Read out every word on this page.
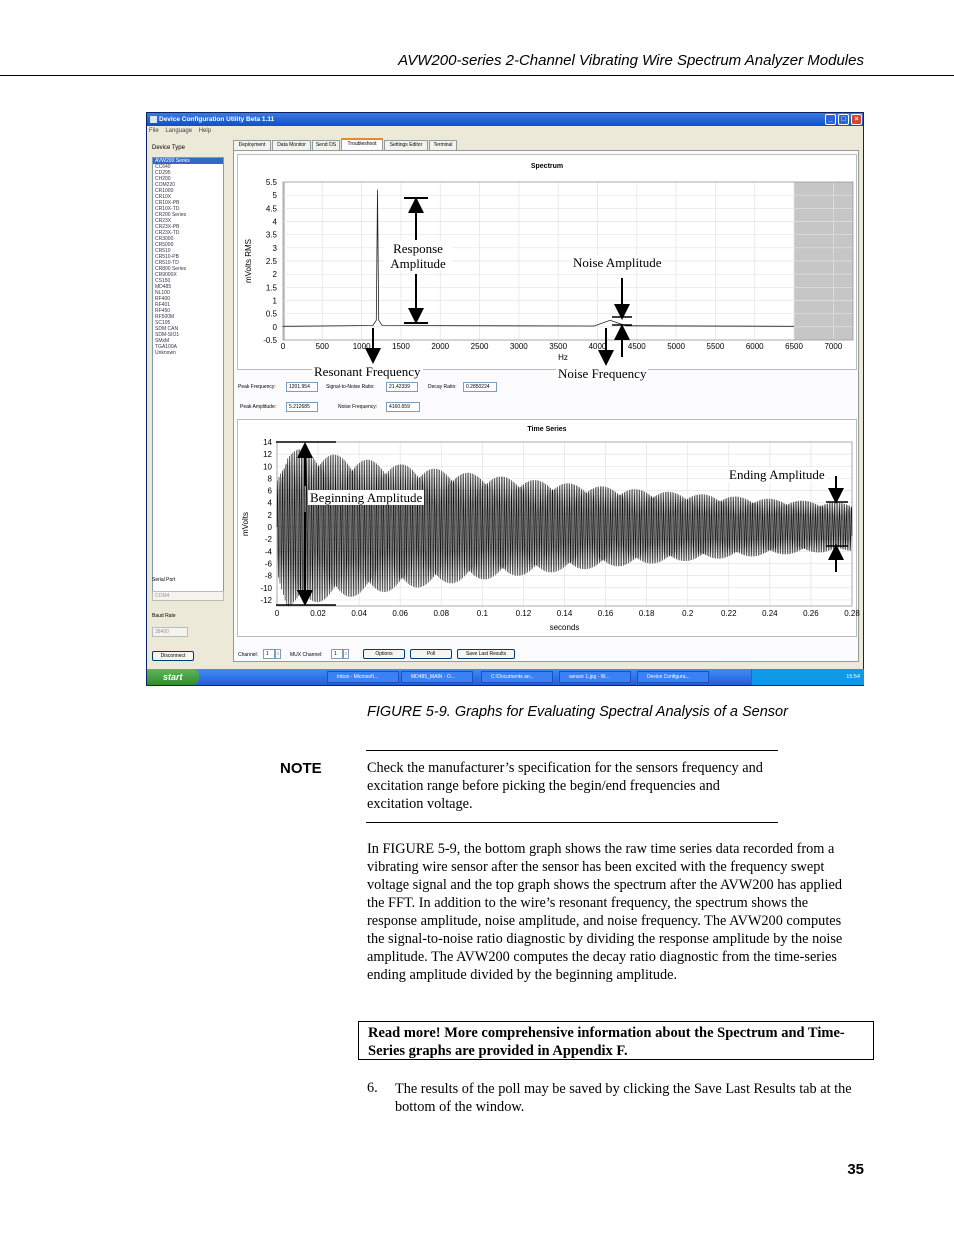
AVW200-series 2-Channel Vibrating Wire Spectrum Analyzer Modules
Device Configuration Utility Beta 1.11	_	□	×
File Language Help
Device Type
AVW200 Series
CC640
CD295
CH200
COM220
CR1000
CR10X
CR10X-PB
CR10X-TD
CR200 Series
CR23X
CR23X-PB
CR23X-TD
CR3000
CR5000
CR510
CR510-PB
CR510-TD
CR800 Series
CR9000X
CS150
MD485
NL100
RF400
RF401
RF450
RF500M
SC105
SDM CAN
SDM-SIO1
SMxM
TGA100A
Unknown
Serial Port
COM4
Baud Rate
38400
Disconnect
Deployment	Data Monitor	Send OS	Troubleshoot	Settings Editor	Terminal
Spectrum
0	500	1000	1500	2000	2500	3000	3500	4000	4500	5000	5500	6000	6500	7000
5.5
5
4.5
4
3.5
3
2.5
2
1.5
1
0.5
0
-0.5
Hz
mVolts RMS
Peak Frequency:	1201.954	Signal-to-Noise Ratio:	21.42339	Decay Ratio:	0.2850224
Peak Amplitude:	5.212685	Noise Frequency:	4160.659
Time Series
0	0.02	0.04	0.06	0.08	0.1	0.12	0.14	0.16	0.18	0.2	0.22	0.24	0.26	0.28
14
12
10
8
6
4
2
0
-2
-4
-6
-8
-10
-12
seconds
mVolts
Channel:	1	↕	MUX Channel:	1	↕	Options	Poll	Save Last Results
start	Inbox - Microsoft...	MD485_MAIN - O...	C:\Documents an...	sensor 1.jpg - W...	Device Configura...	15:54
Response Amplitude	Noise Amplitude
Resonant Frequency	Noise Frequency
Beginning Amplitude
Ending Amplitude
FIGURE 5-9. Graphs for Evaluating Spectral Analysis of a Sensor
NOTE	Check the manufacturer’s specification for the sensors frequency and excitation range before picking the begin/end frequencies and excitation voltage.
In FIGURE 5-9, the bottom graph shows the raw time series data recorded from a vibrating wire sensor after the sensor has been excited with the frequency swept voltage signal and the top graph shows the spectrum after the AVW200 has applied the FFT. In addition to the wire’s resonant frequency, the spectrum shows the response amplitude, noise amplitude, and noise frequency. The AVW200 computes the signal-to-noise ratio diagnostic by dividing the response amplitude by the noise amplitude. The AVW200 computes the decay ratio diagnostic from the time-series ending amplitude divided by the beginning amplitude.
Read more! More comprehensive information about the Spectrum and Time-Series graphs are provided in Appendix F.
6. The results of the poll may be saved by clicking the Save Last Results tab at the bottom of the window.
35
